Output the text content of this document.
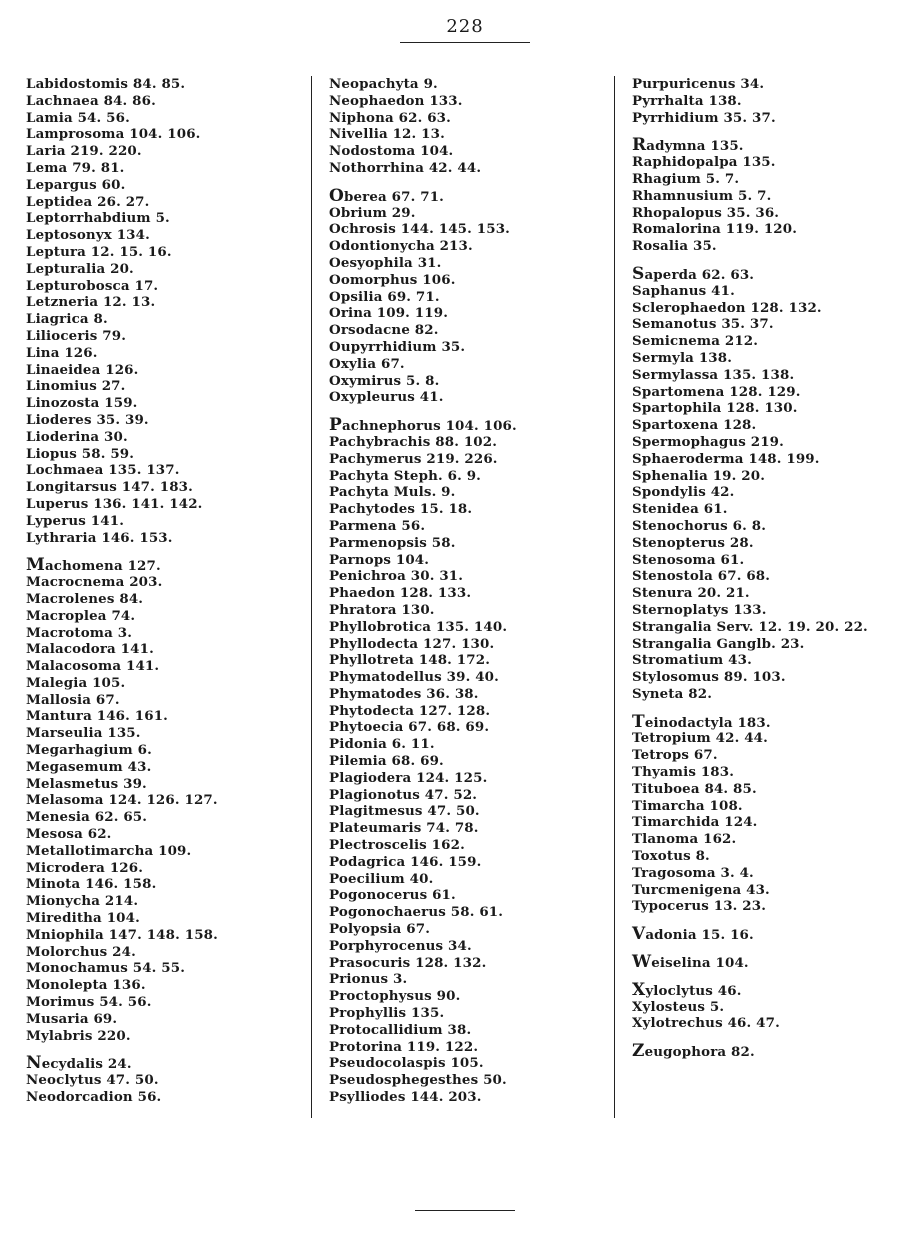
228
Labidostomis 84. 85.
Lachnaea 84. 86.
Lamia 54. 56.
Lamprosoma 104. 106.
Laria 219. 220.
Lema 79. 81.
Lepargus 60.
Leptidea 26. 27.
Leptorrhabdium 5.
Leptosonyx 134.
Leptura 12. 15. 16.
Lepturalia 20.
Lepturobosca 17.
Letzneria 12. 13.
Liagrica 8.
Lilioceris 79.
Lina 126.
Linaeidea 126.
Linomius 27.
Linozosta 159.
Lioderes 35. 39.
Lioderina 30.
Liopus 58. 59.
Lochmaea 135. 137.
Longitarsus 147. 183.
Luperus 136. 141. 142.
Lyperus 141.
Lythraria 146. 153.
Machomena 127.
Macrocnema 203.
Macrolenes 84.
Macroplea 74.
Macrotoma 3.
Malacodora 141.
Malacosoma 141.
Malegia 105.
Mallosia 67.
Mantura 146. 161.
Marseulia 135.
Megarhagium 6.
Megasemum 43.
Melasmetus 39.
Melasoma 124. 126. 127.
Menesia 62. 65.
Mesosa 62.
Metallotimarcha 109.
Microdera 126.
Minota 146. 158.
Mionycha 214.
Mireditha 104.
Mniophila 147. 148. 158.
Molorchus 24.
Monochamus 54. 55.
Monolepta 136.
Morimus 54. 56.
Musaria 69.
Mylabris 220.
Necydalis 24.
Neoclytus 47. 50.
Neodorcadion 56.
Neopachyta 9.
Neophaedon 133.
Niphona 62. 63.
Nivellia 12. 13.
Nodostoma 104.
Nothorrhina 42. 44.
Oberea 67. 71.
Obrium 29.
Ochrosis 144. 145. 153.
Odontionycha 213.
Oesyophila 31.
Oomorphus 106.
Opsilia 69. 71.
Orina 109. 119.
Orsodacne 82.
Oupyrrhidium 35.
Oxylia 67.
Oxymirus 5. 8.
Oxypleurus 41.
Pachnephorus 104. 106.
Pachybrachis 88. 102.
Pachymerus 219. 226.
Pachyta Steph. 6. 9.
Pachyta Muls. 9.
Pachytodes 15. 18.
Parmena 56.
Parmenopsis 58.
Parnops 104.
Penichroa 30. 31.
Phaedon 128. 133.
Phratora 130.
Phyllobrotica 135. 140.
Phyllodecta 127. 130.
Phyllotreta 148. 172.
Phymatodellus 39. 40.
Phymatodes 36. 38.
Phytodecta 127. 128.
Phytoecia 67. 68. 69.
Pidonia 6. 11.
Pilemia 68. 69.
Plagiodera 124. 125.
Plagionotus 47. 52.
Plagitmesus 47. 50.
Plateumaris 74. 78.
Plectroscelis 162.
Podagrica 146. 159.
Poecilium 40.
Pogonocerus 61.
Pogonochaerus 58. 61.
Polyopsia 67.
Porphyrocenus 34.
Prasocuris 128. 132.
Prionus 3.
Proctophysus 90.
Prophyllis 135.
Protocallidium 38.
Protorina 119. 122.
Pseudocolaspis 105.
Pseudosphegesthes 50.
Psylliodes 144. 203.
Purpuricenus 34.
Pyrrhalta 138.
Pyrrhidium 35. 37.
Radymna 135.
Raphidopalpa 135.
Rhagium 5. 7.
Rhamnusium 5. 7.
Rhopalopus 35. 36.
Romalorina 119. 120.
Rosalia 35.
Saperda 62. 63.
Saphanus 41.
Sclerophaedon 128. 132.
Semanotus 35. 37.
Semicnema 212.
Sermyla 138.
Sermylassa 135. 138.
Spartomena 128. 129.
Spartophila 128. 130.
Spartoxena 128.
Spermophagus 219.
Sphaeroderma 148. 199.
Sphenalia 19. 20.
Spondylis 42.
Stenidea 61.
Stenochorus 6. 8.
Stenopterus 28.
Stenosoma 61.
Stenostola 67. 68.
Stenura 20. 21.
Sternoplatys 133.
Strangalia Serv. 12. 19. 20. 22.
Strangalia Ganglb. 23.
Stromatium 43.
Stylosomus 89. 103.
Syneta 82.
Teinodactyla 183.
Tetropium 42. 44.
Tetrops 67.
Thyamis 183.
Tituboea 84. 85.
Timarcha 108.
Timarchida 124.
Tlanoma 162.
Toxotus 8.
Tragosoma 3. 4.
Turcmenigena 43.
Typocerus 13. 23.
Vadonia 15. 16.
Weiselina 104.
Xyloclytus 46.
Xylosteus 5.
Xylotrechus 46. 47.
Zeugophora 82.
